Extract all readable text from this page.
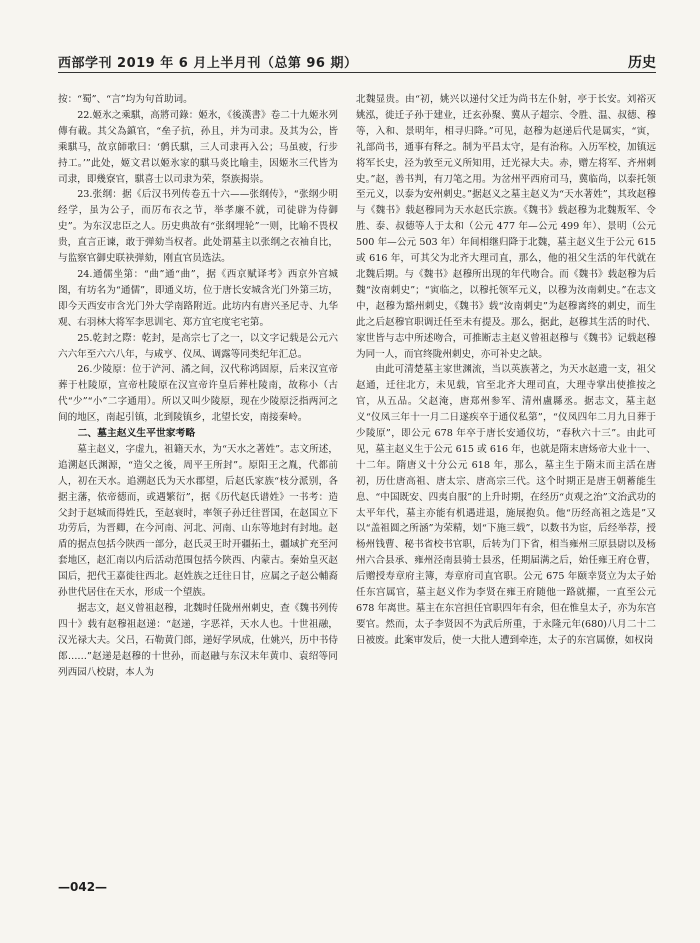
西部学刊 2019 年 6 月上半月刊（总第 96 期）	历史

按：“蜀”、“言”均为句首助词。

22.姬氷之乘騏，高將司錄：姬氷，《後漢書》卷二十九姬氷列傳有載。其父為鎮官，“垒子抗，孙且，并为司隶。及其为公，皆乘騏马，故京師歌曰：‘鹩氏騏，三人司隶再入公；马虽疲，行步持工。’”此处，姬文君以姬氷家的騏马炎比喻圭，因姬氷三代皆为司隶，即幾寮官，騏喜士以司隶为荣，祭族揭崇。

23.张纲：据《后汉书列传卷五十六——张纲传》，“张纲少明经学，虽为公子，而厉布衣之节，举孝廉不就，司徒辟为侍御史”。为东汉忠臣之人。历史典故有“张纲埋轮”一则，比喻不畏权贵，直言正谏，敢于弹劾当权者。此处谓墓主以张纲之衣袖自比，与监察官御史联袂弹劾，刚直官员选法。

24.通儒坐第：“曲”通“曲”，据《西京赋译考》西京外宫城图，有坊名为“通儒”，即通义坊，位于唐长安城含光门外第三坊，即今天西安市含光门外大学南路附近。此坊内有唐兴圣尼寺、九华观、右羽林大将军李思训宅、郑方宜宅度宅宅第。

25.乾封之際：乾封，是高宗七了之一，以文字记载是公元六六六年至六六八年，与咸亨、仪凤、调露等同类纪年汇总。

26.少陵原：位于浐河、潏之间，汉代称鸿固原，后来汉宣帝葬于杜陵原，宣帝杜陵原在汉宣帝许皇后葬杜陵南，故称小（古代“少”“小”二字通用）。所以又叫少陵原，现在少陵原泛指两河之间的地区，南起引镇，北到陵镇乡，北望长安，南接秦岭。

二、墓主赵义生平世家考略

墓主赵义，字虚九，祖籍天水，为“天水之著姓”。志文所述，追溯赵氏渊源，“造父之後，周平王所封”。原阳王之胤，代都前人，初在天水。追溯赵氏为天水郡望，后赵氏家族“枝分派别，各据主藩，依帝德而，或遇繁衍”，据《历代赵氏谱姓》一书考：造父封于赵城而得姓氏，至赵衰时，率领子孙迁往晋国，在赵国立下功劳后，为晋卿，在今河南、河北、河南、山东等地封有封地。赵盾的据点包括今陕西一部分，赵氏灵王时开疆拓土，疆域扩充至河套地区，赵汇南以内后活动范围包括今陕西、内蒙古。秦始皇灭赵国后，把代王嘉徙往西北。赵姓族之迁往日甘，应属之子赵公輔裔孙世代居住在天水，形成一个望族。

据志文，赵义曾祖赵穆，北魏时任陇州州刺史，查《魏书列传四十》载有赵穆祖赵递：“赵递，字恶祥，天水人也。十世祖融，汉光禄大夫。父吕，石勒黄门郎，递好学夙成，仕姚兴，历中书侍郎……”赵递是赵穆的十世孙，而赵融与东汉末年黄巾、袁绍等同列西园八校尉，本人为

北魏显贵。由“初，姚兴以递付父迁为尚书左仆射，亭于长安。刘裕灭姚泓，徙迁子孙于建业，迁玄孙聚、冀从子超宗、令胜、温、叔德、穆等，入和、景明年，相寻归降。”可见，赵穆为赵递后代是属实，“寅，礼部尚书，通事有释之。制为平昌太守，是有治称。入历军校，加镇远将军长史，泾为敦至元义所知用，迁光禄大夫。赤，赠左将军、齐州刺史。”赵，善书判，有刀笔之用。为岔州平西府司马，冀临尚，以泰托领至元义，以泰为安州刺史。”据赵义之墓主赵义为“天水著姓”，其玫赵穆与《魏书》载赵穆同为天水赵氏宗族。《魏书》载赵穆为北魏叛军、令胜、泰、叔德等人于太和（公元 477 年—公元 499 年）、景明（公元 500 年—公元 503 年）年间相继归降于北魏，墓主赵义生于公元 615 或 616 年，可其父为北齐大理司直，那么，他的祖父生活的年代就在北魏后期。与《魏书》赵穆所出现的年代吻合。而《魏书》载赵穆为后魏“汝南刺史”；“寅临之，以穆托领军元义，以穆为汝南刺史。”在志文中，赵穆为豁州刺史，《魏书》载“汝南刺史”为赵穆离终的刺史，而生此之后赵穆官职调迁任至未有提及。那么，据此，赵穆其生活的时代、家世皆与志中所述吻合，可推断志主赵义曾祖赵穆与《魏书》记载赵穆为同一人，而官终陇州刺史，亦可补史之缺。

由此可清楚墓主家世渊流，当以英族著之，为天水赵遗一支，祖父赵通，迁往北方，未见载，官至北齐大理司直，大理寺掌出使推按之官，从五品。父赵淹，唐郑州参军、清州盧縣丞。据志文，墓主赵义“仪凤三年十一月二日遂疾卒于通仪私第”，“仪凤四年二月九日葬于少陵原”，即公元 678 年卒于唐长安通仪坊，“春秋六十三”。由此可见，墓主赵义生于公元 615 或 616 年，也就是隋末唐炀帝大业十一、十二年。隋唐义十分公元 618 年，那么，墓主生于隋末而主活在唐初，历仕唐高祖、唐太宗、唐高宗三代。这个时期正是唐王朝蓄能生息、“中国既安、四夷自服”的上升时期，在经历“贞观之治”文治武功的太平年代，墓主亦能有机遇进退，施展抱负。他“历经高祖之选是”又以“盖祖圆之所涵”为荣精，划“下施三载”，以数书为宦，后经举荐，授杨州钱曹、秘书省校书官职，后转为门下省，相当雍州三原县尉以及杨州六合县承、雍州泾南县骑士县丞，任期届满之后，始任雍王府仓曹，后赠授寿章府主簿，寿章府司直官职。公元 675 年颐幸贤立为太子始任东宫属官，墓主赵义作为李贤在雍王府随他一路就擢，一直至公元 678 年离世。墓主在东宫担任官职四年有余，但在惟皇太子，亦为东宫要官。然而，太子李贤因不为武后所重，于永隆元年(680)八月二十二日被废。此案审发后，使一大批人遭到牵连，太子的东宫属僚，如权岗

—042—
